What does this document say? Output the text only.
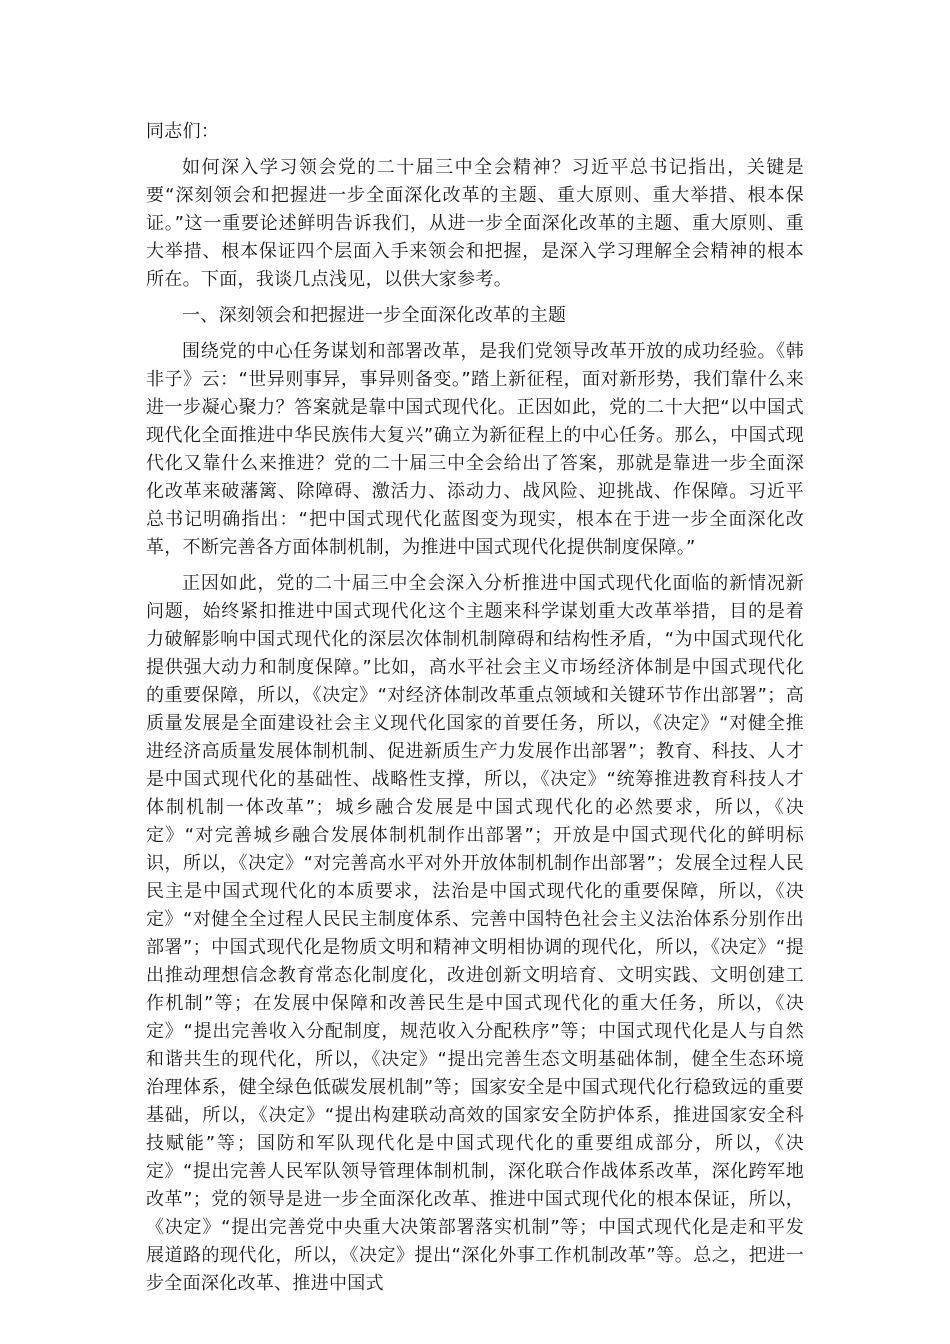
同志们：

如何深入学习领会党的二十届三中全会精神？习近平总书记指出，关键是要“深刻领会和把握进一步全面深化改革的主题、重大原则、重大举措、根本保证。”这一重要论述鲜明告诉我们，从进一步全面深化改革的主题、重大原则、重大举措、根本保证四个层面入手来领会和把握，是深入学习理解全会精神的根本所在。下面，我谈几点浅见，以供大家参考。

一、深刻领会和把握进一步全面深化改革的主题

围绕党的中心任务谋划和部署改革，是我们党领导改革开放的成功经验。《韩非子》云：“世异则事异，事异则备变。”踏上新征程，面对新形势，我们靠什么来进一步凝心聚力？答案就是靠中国式现代化。正因如此，党的二十大把“以中国式现代化全面推进中华民族伟大复兴”确立为新征程上的中心任务。那么，中国式现代化又靠什么来推进？党的二十届三中全会给出了答案，那就是靠进一步全面深化改革来破藩篱、除障碍、激活力、添动力、战风险、迎挑战、作保障。习近平总书记明确指出：“把中国式现代化蓝图变为现实，根本在于进一步全面深化改革，不断完善各方面体制机制，为推进中国式现代化提供制度保障。”

正因如此，党的二十届三中全会深入分析推进中国式现代化面临的新情况新问题，始终紧扣推进中国式现代化这个主题来科学谋划重大改革举措，目的是着力破解影响中国式现代化的深层次体制机制障碍和结构性矛盾，“为中国式现代化提供强大动力和制度保障。”比如，高水平社会主义市场经济体制是中国式现代化的重要保障，所以，《决定》“对经济体制改革重点领域和关键环节作出部署”；高质量发展是全面建设社会主义现代化国家的首要任务，所以，《决定》“对健全推进经济高质量发展体制机制、促进新质生产力发展作出部署”；教育、科技、人才是中国式现代化的基础性、战略性支撑，所以，《决定》“统筹推进教育科技人才体制机制一体改革”；城乡融合发展是中国式现代化的必然要求，所以，《决定》“对完善城乡融合发展体制机制作出部署”；开放是中国式现代化的鲜明标识，所以，《决定》“对完善高水平对外开放体制机制作出部署”；发展全过程人民民主是中国式现代化的本质要求，法治是中国式现代化的重要保障，所以，《决定》“对健全全过程人民民主制度体系、完善中国特色社会主义法治体系分别作出部署”；中国式现代化是物质文明和精神文明相协调的现代化，所以，《决定》“提出推动理想信念教育常态化制度化，改进创新文明培育、文明实践、文明创建工作机制”等；在发展中保障和改善民生是中国式现代化的重大任务，所以，《决定》“提出完善收入分配制度，规范收入分配秩序”等；中国式现代化是人与自然和谐共生的现代化，所以，《决定》“提出完善生态文明基础体制，健全生态环境治理体系，健全绿色低碳发展机制”等；国家安全是中国式现代化行稳致远的重要基础，所以，《决定》“提出构建联动高效的国家安全防护体系，推进国家安全科技赋能”等；国防和军队现代化是中国式现代化的重要组成部分，所以，《决定》“提出完善人民军队领导管理体制机制，深化联合作战体系改革，深化跨军地改革”；党的领导是进一步全面深化改革、推进中国式现代化的根本保证，所以，《决定》“提出完善党中央重大决策部署落实机制”等；中国式现代化是走和平发展道路的现代化，所以，《决定》提出“深化外事工作机制改革”等。总之，把进一步全面深化改革、推进中国式
